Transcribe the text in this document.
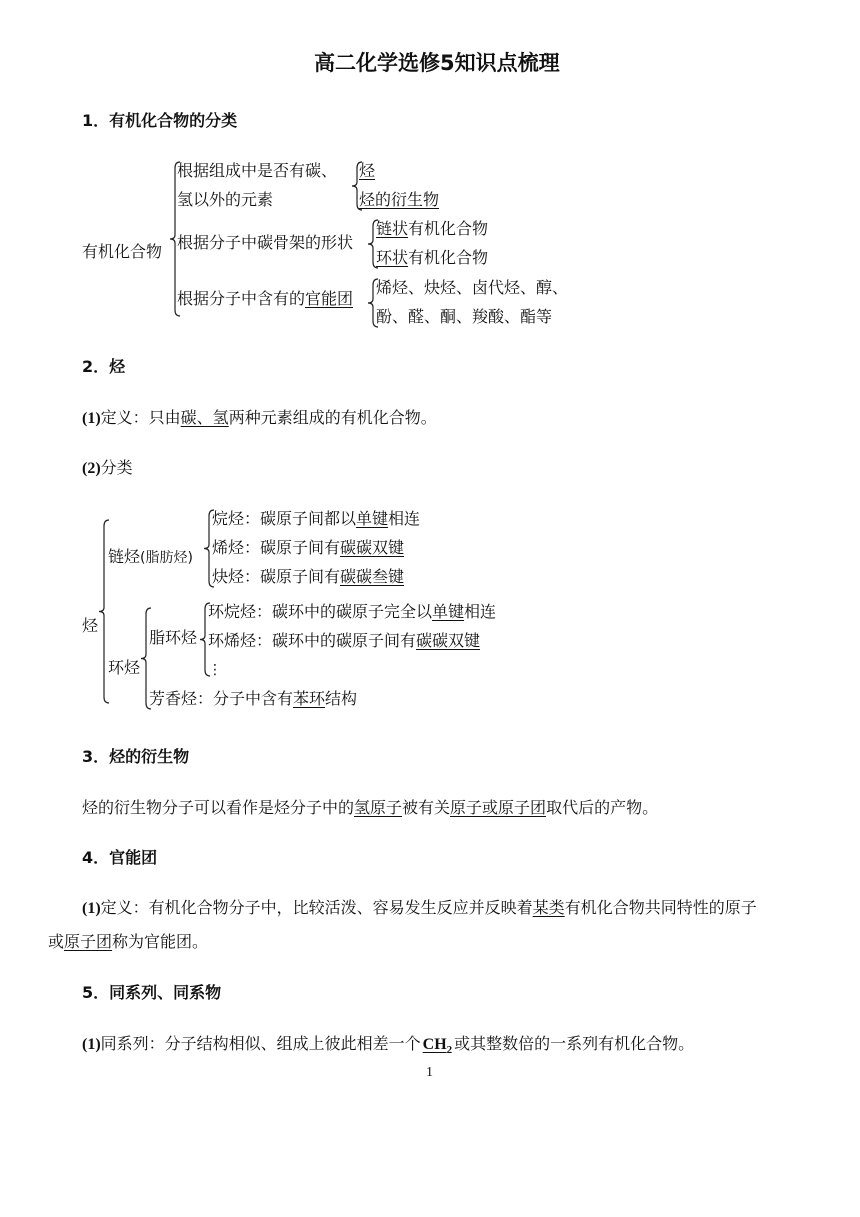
高二化学选修5知识点梳理
1．有机化合物的分类
有机化合物
根据组成中是否有碳、
氢以外的元素
烃
烃的衍生物
根据分子中碳骨架的形状
链状有机化合物
环状有机化合物
根据分子中含有的官能团
烯烃、炔烃、卤代烃、醇、
酚、醛、酮、羧酸、酯等
2．烃
(1)定义：只由碳、氢两种元素组成的有机化合物。
(2)分类
烃
链烃(脂肪烃)
烷烃：碳原子间都以单键相连
烯烃：碳原子间有碳碳双键
炔烃：碳原子间有碳碳叁键
环烃
脂环烃
环烷烃：碳环中的碳原子完全以单键相连
环烯烃：碳环中的碳原子间有碳碳双键
⋮
芳香烃：分子中含有苯环结构
3．烃的衍生物
烃的衍生物分子可以看作是烃分子中的氢原子被有关原子或原子团取代后的产物。
4．官能团
(1)定义：有机化合物分子中，比较活泼、容易发生反应并反映着某类有机化合物共同特性的原子
或原子团称为官能团。
5．同系列、同系物
(1)同系列：分子结构相似、组成上彼此相差一个 $CH_2$ 或其整数倍的一系列有机化合物。
1
